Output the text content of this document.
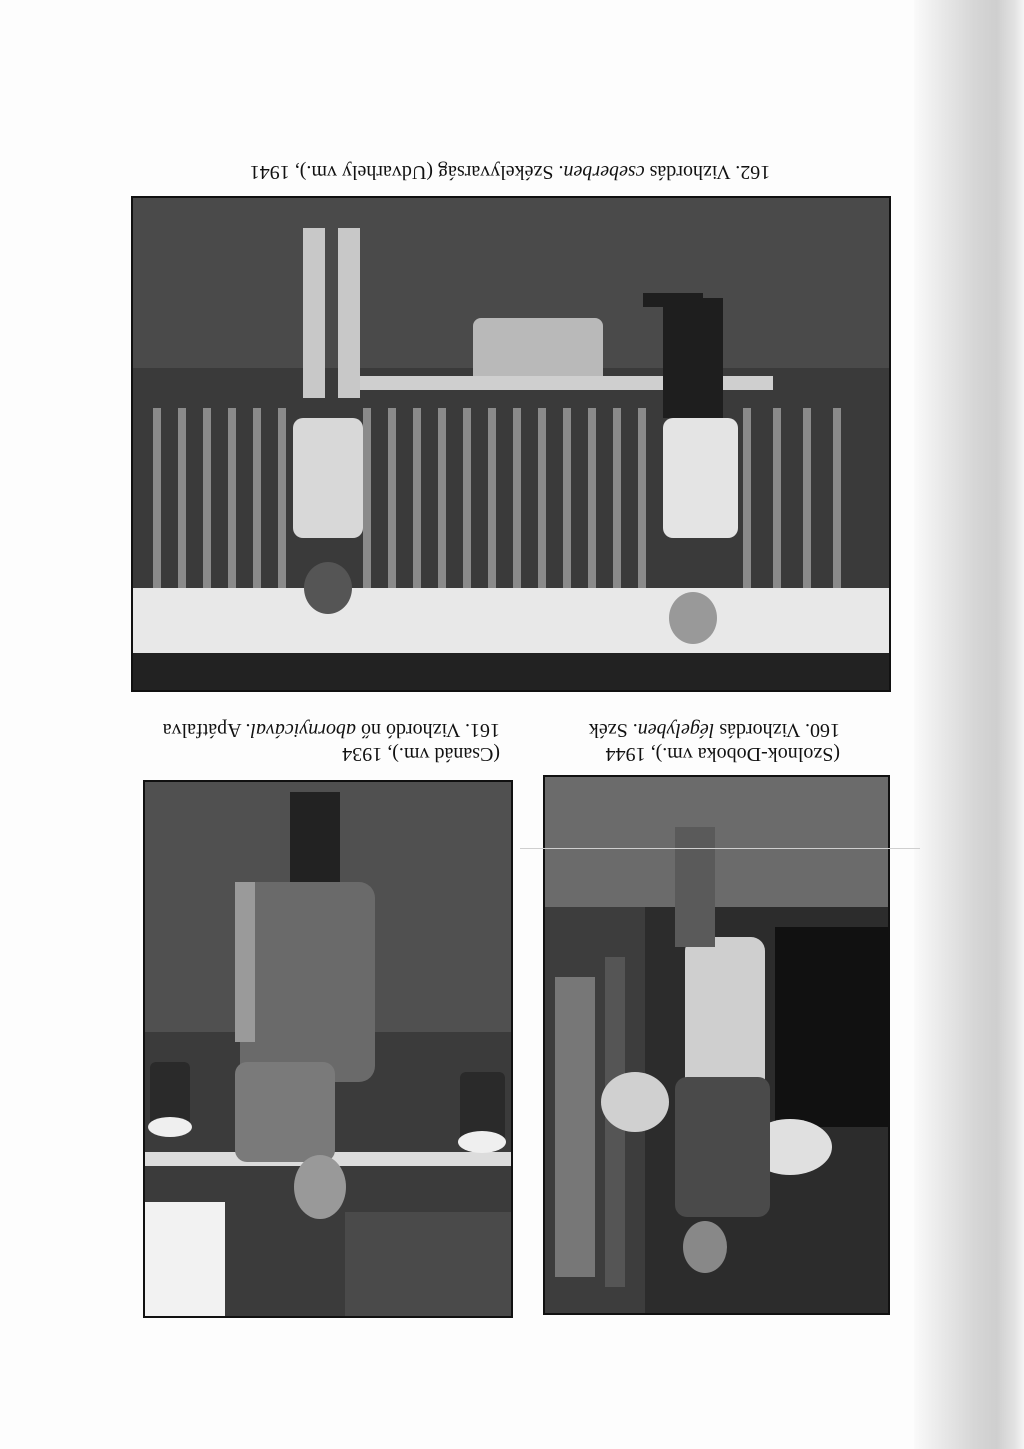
162. Vizhordás cseberben. Székelyvarság (Udvarhely vm.), 1941
(Szolnok-Doboka vm.), 1944
160. Vizhordás légelyben. Szék
(Csanád vm.), 1934
161. Vizhordó nő abornyicával. Apátfalva
